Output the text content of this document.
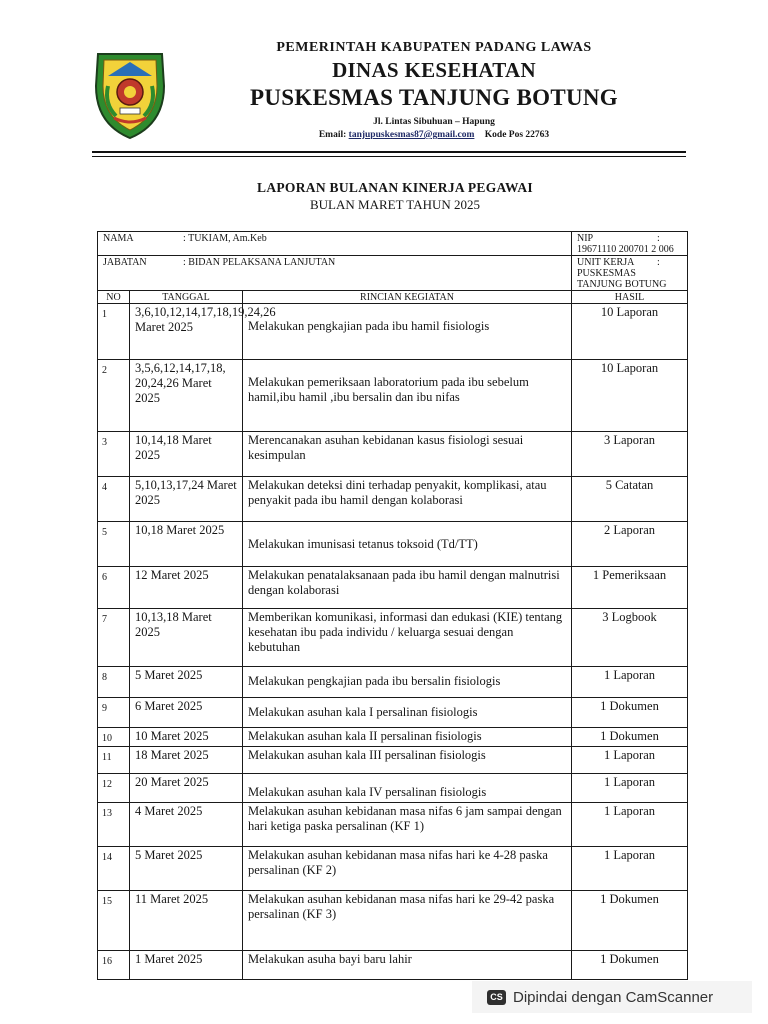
PEMERINTAH KABUPATEN PADANG LAWAS
DINAS KESEHATAN
PUSKESMAS TANJUNG BOTUNG
Jl. Lintas Sibuhuan – Hapung
Email: tanjupuskesmas87@gmail.com Kode Pos 22763
LAPORAN BULANAN KINERJA PEGAWAI
BULAN MARET TAHUN 2025
NAMA : TUKIAM, Am.Keb			NIP : 19671110 200701 2 006
JABATAN : BIDAN PELAKSANA LANJUTAN			UNIT KERJA : PUSKESMAS TANJUNG BOTUNG
NO	TANGGAL	RINCIAN KEGIATAN	HASIL
1	3,6,10,12,14,17,18,19,24,26 Maret 2025	Melakukan pengkajian pada ibu hamil fisiologis	10 Laporan
2	3,5,6,12,14,17,18, 20,24,26 Maret 2025	Melakukan pemeriksaan laboratorium pada ibu sebelum hamil,ibu hamil ,ibu bersalin dan ibu nifas	10 Laporan
3	10,14,18 Maret 2025	Merencanakan asuhan kebidanan kasus fisiologi sesuai kesimpulan	3 Laporan
4	5,10,13,17,24 Maret 2025	Melakukan deteksi dini terhadap penyakit, komplikasi, atau penyakit pada ibu hamil dengan kolaborasi	5 Catatan
5	10,18 Maret 2025	Melakukan imunisasi tetanus toksoid (Td/TT)	2 Laporan
6	12 Maret 2025	Melakukan penatalaksanaan pada ibu hamil dengan malnutrisi dengan kolaborasi	1 Pemeriksaan
7	10,13,18 Maret 2025	Memberikan komunikasi, informasi dan edukasi (KIE) tentang kesehatan ibu pada individu / keluarga sesuai dengan kebutuhan	3 Logbook
8	5 Maret 2025	Melakukan pengkajian pada ibu bersalin fisiologis	1 Laporan
9	6 Maret 2025	Melakukan asuhan kala I persalinan fisiologis	1 Dokumen
10	10 Maret 2025	Melakukan asuhan kala II persalinan fisiologis	1 Dokumen
11	18 Maret 2025	Melakukan asuhan kala III persalinan fisiologis	1 Laporan
12	20 Maret 2025	Melakukan asuhan kala IV persalinan fisiologis	1 Laporan
13	4 Maret 2025	Melakukan asuhan kebidanan masa nifas 6 jam sampai dengan hari ketiga paska persalinan (KF 1)	1 Laporan
14	5 Maret 2025	Melakukan asuhan kebidanan masa nifas hari ke 4-28 paska persalinan (KF 2)	1 Laporan
15	11 Maret 2025	Melakukan asuhan kebidanan masa nifas hari ke 29-42 paska persalinan (KF 3)	1 Dokumen
16	1 Maret 2025	Melakukan asuha bayi baru lahir	1 Dokumen
CS Dipindai dengan CamScanner
